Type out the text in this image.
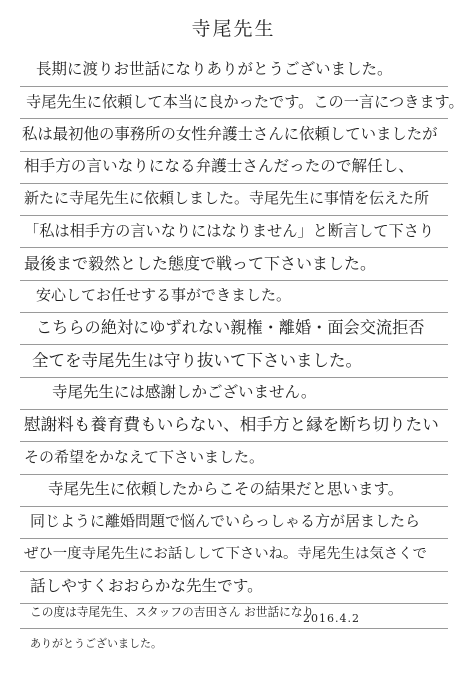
寺尾先生
長期に渡りお世話になりありがとうございました。
寺尾先生に依頼して本当に良かったです。この一言につきます。
私は最初他の事務所の女性弁護士さんに依頼していましたが
相手方の言いなりになる弁護士さんだったので解任し、
新たに寺尾先生に依頼しました。寺尾先生に事情を伝えた所
「私は相手方の言いなりにはなりません」と断言して下さり
最後まで毅然とした態度で戦って下さいました。
安心してお任せする事ができました。
こちらの絶対にゆずれない親権・離婚・面会交流拒否
全てを寺尾先生は守り抜いて下さいました。
寺尾先生には感謝しかございません。
慰謝料も養育費もいらない、相手方と縁を断ち切りたい
その希望をかなえて下さいました。
寺尾先生に依頼したからこその結果だと思います。
同じように離婚問題で悩んでいらっしゃる方が居ましたら
ぜひ一度寺尾先生にお話しして下さいね。寺尾先生は気さくで
話しやすくおおらかな先生です。
この度は寺尾先生、スタッフの吉田さん お世話になり
ありがとうございました。
2016.4.2
